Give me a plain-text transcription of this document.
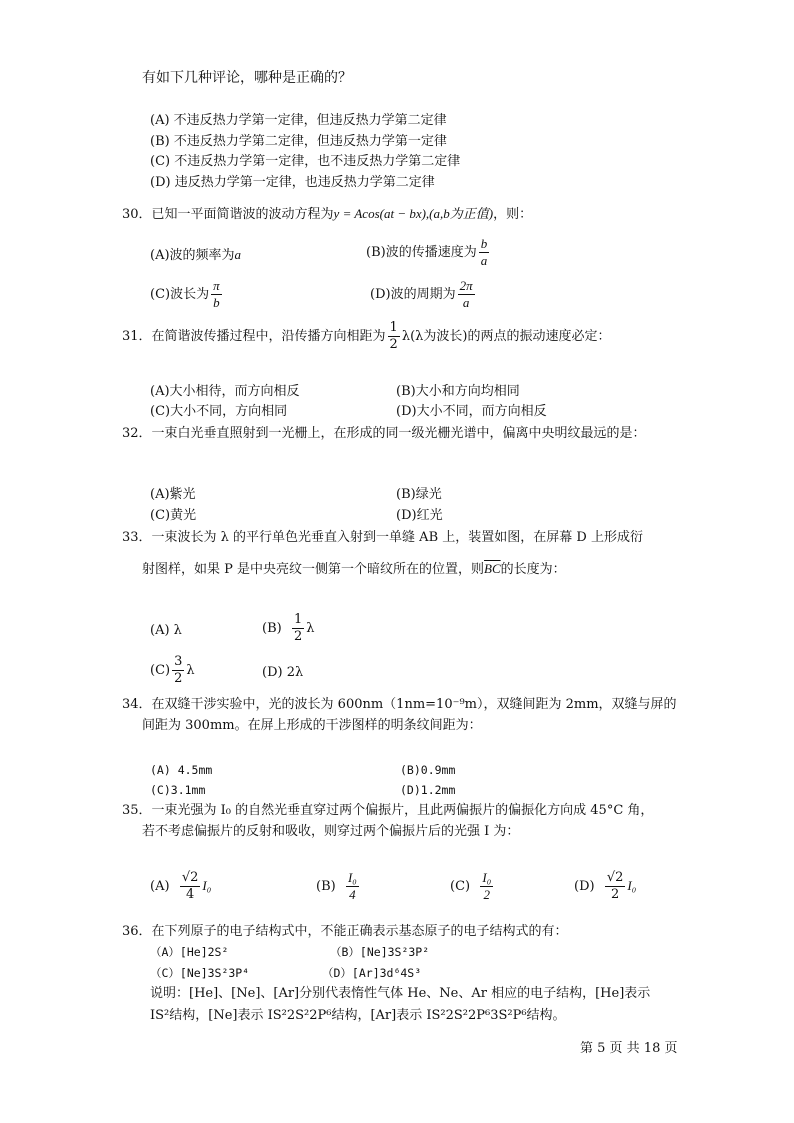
有如下几种评论，哪种是正确的？
(A) 不违反热力学第一定律，但违反热力学第二定律
(B) 不违反热力学第二定律，但违反热力学第一定律
(C) 不违反热力学第一定律，也不违反热力学第二定律
(D) 违反热力学第一定律，也违反热力学第二定律
30．已知一平面简谐波的波动方程为y = Acos(at − bx),(a,b为正值)，则：
(A)波的频率为a	(B)波的传播速度为 $\frac{b}{a}$
(C)波长为 $\frac{\pi}{b}$	(D)波的周期为 $\frac{2\pi}{a}$
31．在简谐波传播过程中，沿传播方向相距为 $\frac{1}{2} \lambda(\lambda$为波长)的两点的振动速度必定：
(A)大小相待，而方向相反	(B)大小和方向均相同
(C)大小不同，方向相同	(D)大小不同，而方向相反
32．一束白光垂直照射到一光栅上，在形成的同一级光栅光谱中，偏离中央明纹最远的是：
(A)紫光	(B)绿光
(C)黄光	(D)红光
33．一束波长为 λ 的平行单色光垂直入射到一单缝 AB 上，装置如图，在屏幕 D 上形成衍
射图样，如果 P 是中央亮纹一侧第一个暗纹所在的位置，则$\overline{BC}$的长度为：
(A) λ	$(B) \frac{1}{2}$ λ
$(C) \frac{3}{2}$ λ	(D) 2λ
34．在双缝干涉实验中，光的波长为 600nm（1nm=10⁻⁹m），双缝间距为 2mm，双缝与屏的
间距为 300mm。在屏上形成的干涉图样的明条纹间距为：
(A) 4.5mm	(B)0.9mm
(C)3.1mm	(D)1.2mm
35．一束光强为 I₀ 的自然光垂直穿过两个偏振片，且此两偏振片的偏振化方向成 45°C 角，
若不考虑偏振片的反射和吸收，则穿过两个偏振片后的光强 I 为：
$(A) \frac{√2}{4} I_0$	$(B) \frac{\text{I₀}}{4}$	$(C) \frac{\text{I₀}}{2}$	$(D) \frac{√2}{2} I_0$
36．在下列原子的电子结构式中，不能正确表示基态原子的电子结构式的有：
（A）[He]2S²	（B）[Ne]3S²3P²
（C）[Ne]3S²3P⁴	（D）[Ar]3d⁶4S³
说明：[He]、[Ne]、[Ar]分别代表惰性气体 He、Ne、Ar 相应的电子结构，[He]表示
IS²结构，[Ne]表示 IS²2S²2P⁶结构，[Ar]表示 IS²2S²2P⁶3S²P⁶结构。
第 5 页 共 18 页
